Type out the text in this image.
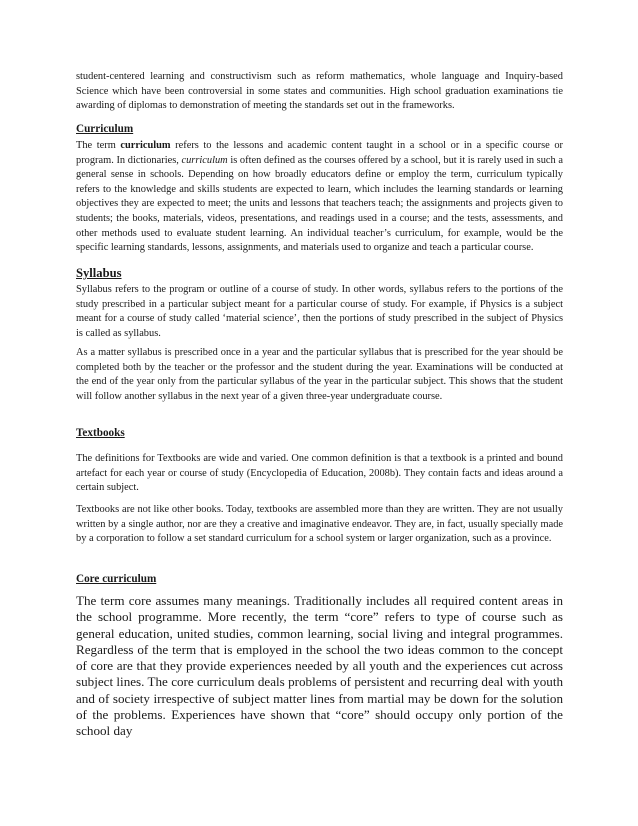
student-centered learning and constructivism such as reform mathematics, whole language and Inquiry-based Science which have been controversial in some states and communities. High school graduation examinations tie awarding of diplomas to demonstration of meeting the standards set out in the frameworks.

Curriculum

The term curriculum refers to the lessons and academic content taught in a school or in a specific course or program. In dictionaries, curriculum is often defined as the courses offered by a school, but it is rarely used in such a general sense in schools. Depending on how broadly educators define or employ the term, curriculum typically refers to the knowledge and skills students are expected to learn, which includes the learning standards or learning objectives they are expected to meet; the units and lessons that teachers teach; the assignments and projects given to students; the books, materials, videos, presentations, and readings used in a course; and the tests, assessments, and other methods used to evaluate student learning. An individual teacher’s curriculum, for example, would be the specific learning standards, lessons, assignments, and materials used to organize and teach a particular course.

Syllabus

Syllabus refers to the program or outline of a course of study. In other words, syllabus refers to the portions of the study prescribed in a particular subject meant for a particular course of study. For example, if Physics is a subject meant for a course of study called ‘material science’, then the portions of study prescribed in the subject of Physics is called as syllabus.

As a matter syllabus is prescribed once in a year and the particular syllabus that is prescribed for the year should be completed both by the teacher or the professor and the student during the year. Examinations will be conducted at the end of the year only from the particular syllabus of the year in the particular subject. This shows that the student will follow another syllabus in the next year of a given three-year undergraduate course.

Textbooks

The definitions for Textbooks are wide and varied. One common definition is that a textbook is a printed and bound artefact for each year or course of study (Encyclopedia of Education, 2008b). They contain facts and ideas around a certain subject.

Textbooks are not like other books. Today, textbooks are assembled more than they are written. They are not usually written by a single author, nor are they a creative and imaginative endeavor. They are, in fact, usually specially made by a corporation to follow a set standard curriculum for a school system or larger organization, such as a province.

Core curriculum

The term core assumes many meanings. Traditionally includes all required content areas in the school programme. More recently, the term “core” refers to type of course such as general education, united studies, common learning, social living and integral programmes. Regardless of the term that is employed in the school the two ideas common to the concept of core are that they provide experiences needed by all youth and the experiences cut across subject lines. The core curriculum deals problems of persistent and recurring deal with youth and of society irrespective of subject matter lines from martial may be down for the solution of the problems. Experiences have shown that “core” should occupy only portion of the school day
